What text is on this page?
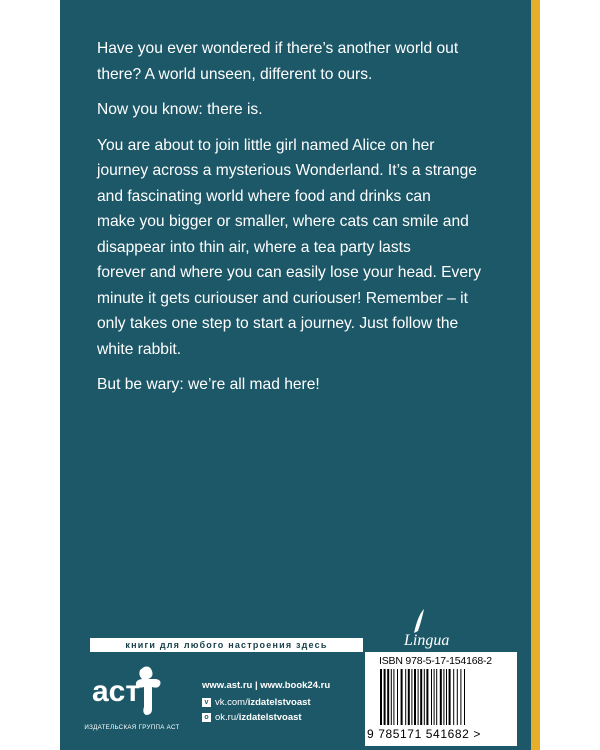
Have you ever wondered if there’s another world out
there? A world unseen, different to ours.

Now you know: there is.

You are about to join little girl named Alice on her
journey across a mysterious Wonderland. It’s a strange
and fascinating world where food and drinks can
make you bigger or smaller, where cats can smile and
disappear into thin air, where a tea party lasts
forever and where you can easily lose your head. Every
minute it gets curiouser and curiouser! Remember – it
only takes one step to start a journey. Just follow the
white rabbit.

But be wary: we’re all mad here!

книги для любого настроения здесь
аст
ИЗДАТЕЛЬСКАЯ ГРУППА АСТ
www.ast.ru | www.book24.ru
v vk.com/izdatelstvoast
o ok.ru/izdatelstvoast
Lingua
ISBN 978-5-17-154168-2
9 785171 541682 >
